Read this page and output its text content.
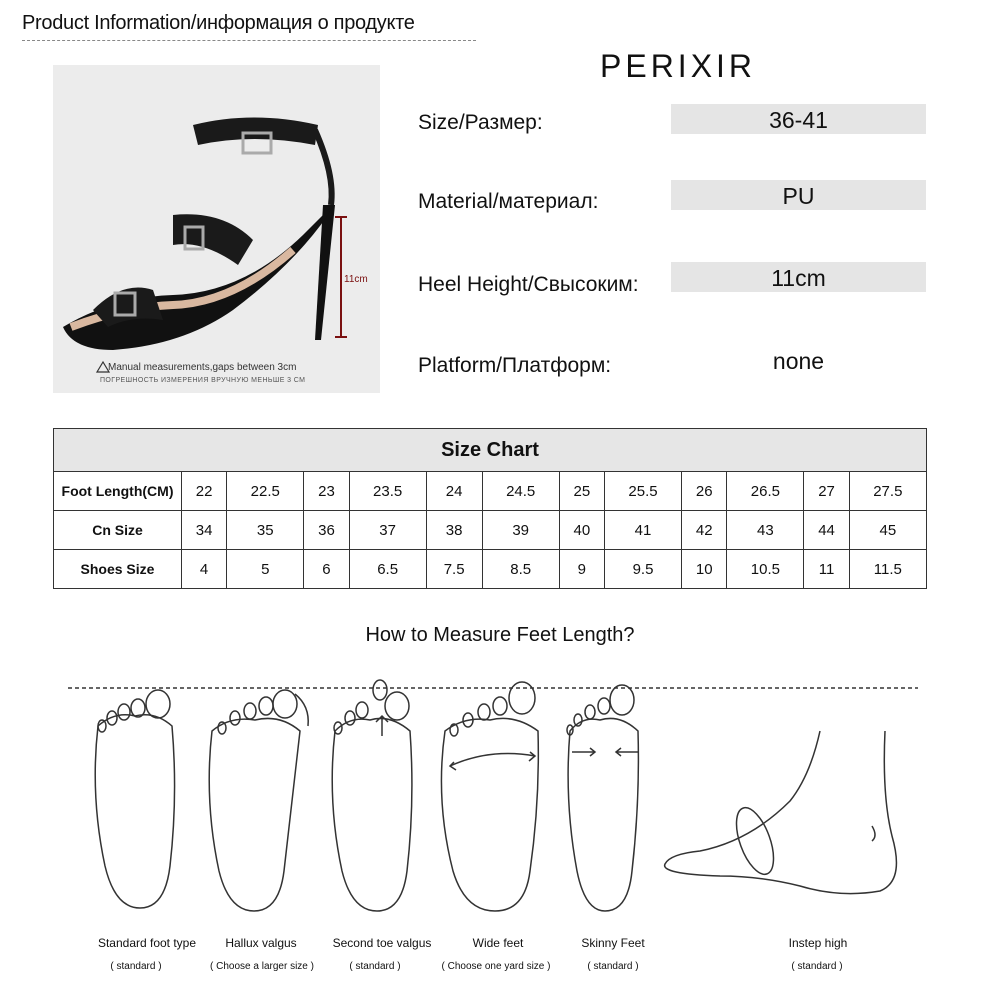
Product Information/информация о продукте
11cm
Manual measurements,gaps between 3cm
ПОГРЕШНОСТЬ ИЗМЕРЕНИЯ ВРУЧНУЮ МЕНЬШЕ 3 СМ
PERIXIR
Size/Размер:	36-41
Material/материал:	PU
Heel Height/Свысоким:	11cm
Platform/Платформ:	none
Size Chart												
Foot Length(CM)	22	22.5	23	23.5	24	24.5	25	25.5	26	26.5	27	27.5
Cn Size	34	35	36	37	38	39	40	41	42	43	44	45
Shoes Size	4	5	6	6.5	7.5	8.5	9	9.5	10	10.5	11	11.5
How to Measure Feet Length?
Standard foot type
( standard )
Hallux valgus
( Choose a larger size )
Second toe valgus
( standard )
Wide feet
( Choose one yard size )
Skinny Feet
( standard )
Instep high
( standard )
